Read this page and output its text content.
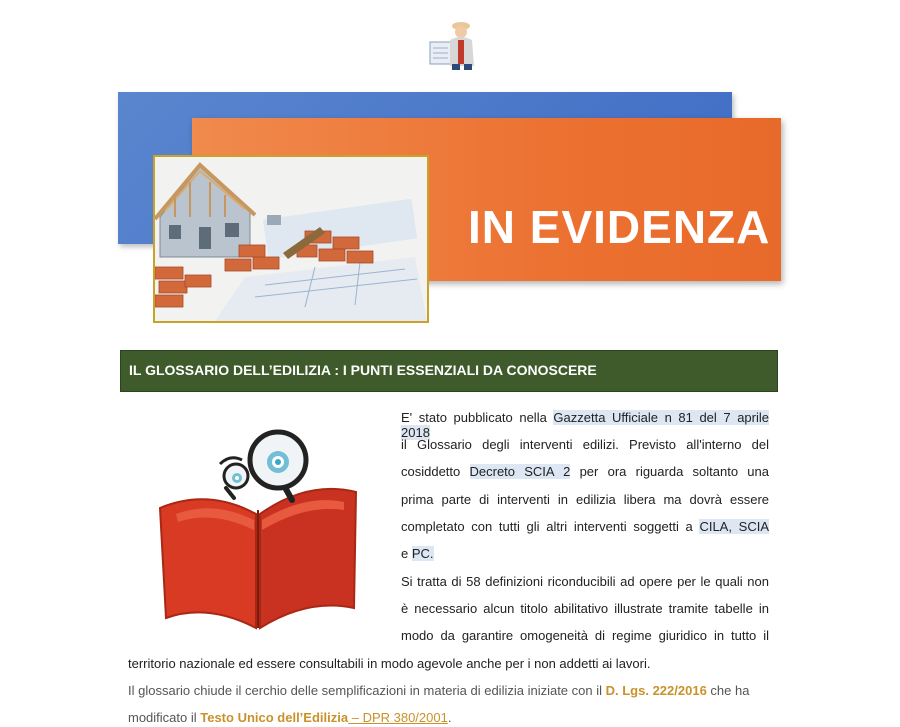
IN EVIDENZA
IL GLOSSARIO DELL’EDILIZIA : I PUNTI ESSENZIALI DA CONOSCERE
E' stato pubblicato nella Gazzetta Ufficiale n 81 del 7 aprile 2018
il Glossario degli interventi edilizi. Previsto all'interno del
cosiddetto Decreto SCIA 2 per ora riguarda soltanto una
prima parte di interventi in edilizia libera ma dovrà essere
completato con tutti gli altri interventi soggetti a CILA, SCIA
e PC.
Si tratta di 58 definizioni riconducibili ad opere per le quali non
è necessario alcun titolo abilitativo illustrate tramite tabelle in
modo da garantire omogeneità di regime giuridico in tutto il
territorio nazionale ed essere consultabili in modo agevole anche per i non addetti ai lavori.
Il glossario chiude il cerchio delle semplificazioni in materia di edilizia iniziate con il D. Lgs. 222/2016 che ha
modificato il Testo Unico dell’Edilizia – DPR 380/2001.
